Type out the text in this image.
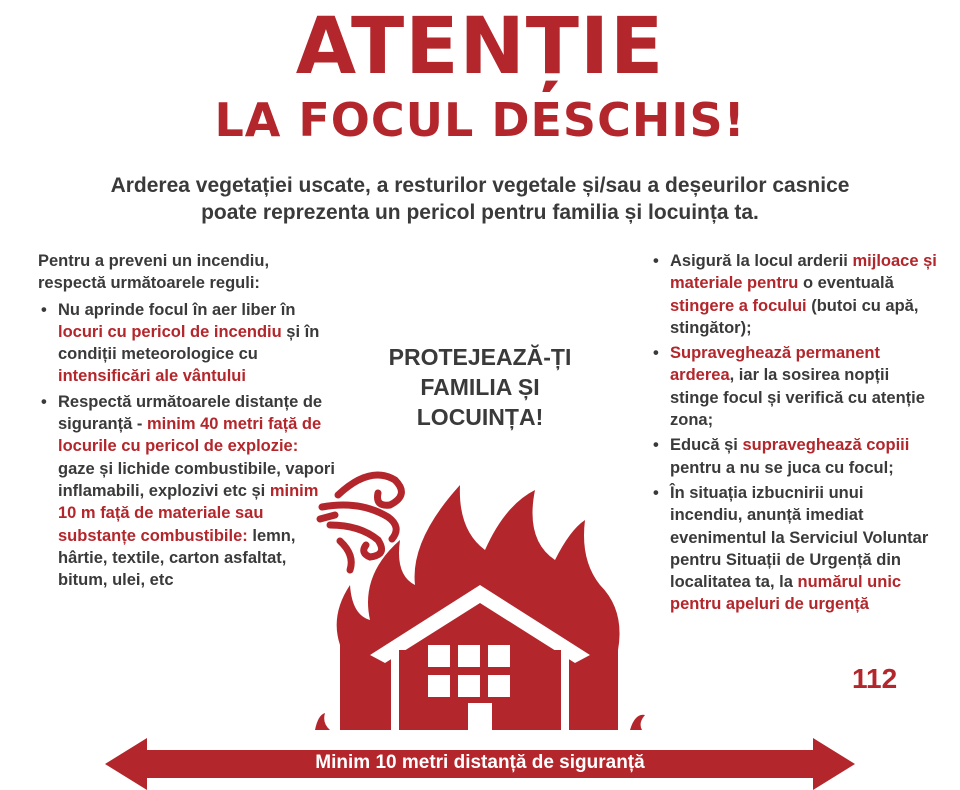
ATENȚIE
LA FOCUL DESCHIS!
Arderea vegetației uscate, a resturilor vegetale și/sau a deșeurilor casnice
poate reprezenta un pericol pentru familia și locuința ta.
Pentru a preveni un incendiu, respectă următoarele reguli:
• Nu aprinde focul în aer liber în locuri cu pericol de incendiu și în condiții meteorologice cu intensificări ale vântului
• Respectă următoarele distanțe de siguranță - minim 40 metri față de locurile cu pericol de explozie: gaze și lichide combustibile, vapori inflamabili, explozivi etc și minim 10 m față de materiale sau substanțe combustibile: lemn, hârtie, textile, carton asfaltat, bitum, ulei, etc
PROTEJEAZĂ-ȚI
FAMILIA ȘI
LOCUINȚA!
• Asigură la locul arderii mijloace și materiale pentru o eventuală stingere a focului (butoi cu apă, stingător);
• Supraveghează permanent arderea, iar la sosirea nopții stinge focul și verifică cu atenție zona;
• Educă și supraveghează copiii pentru a nu se juca cu focul;
• În situația izbucnirii unui incendiu, anunță imediat evenimentul la Serviciul Voluntar pentru Situații de Urgență din localitatea ta, la numărul unic pentru apeluri de urgență
112
Minim 10 metri distanță de siguranță
